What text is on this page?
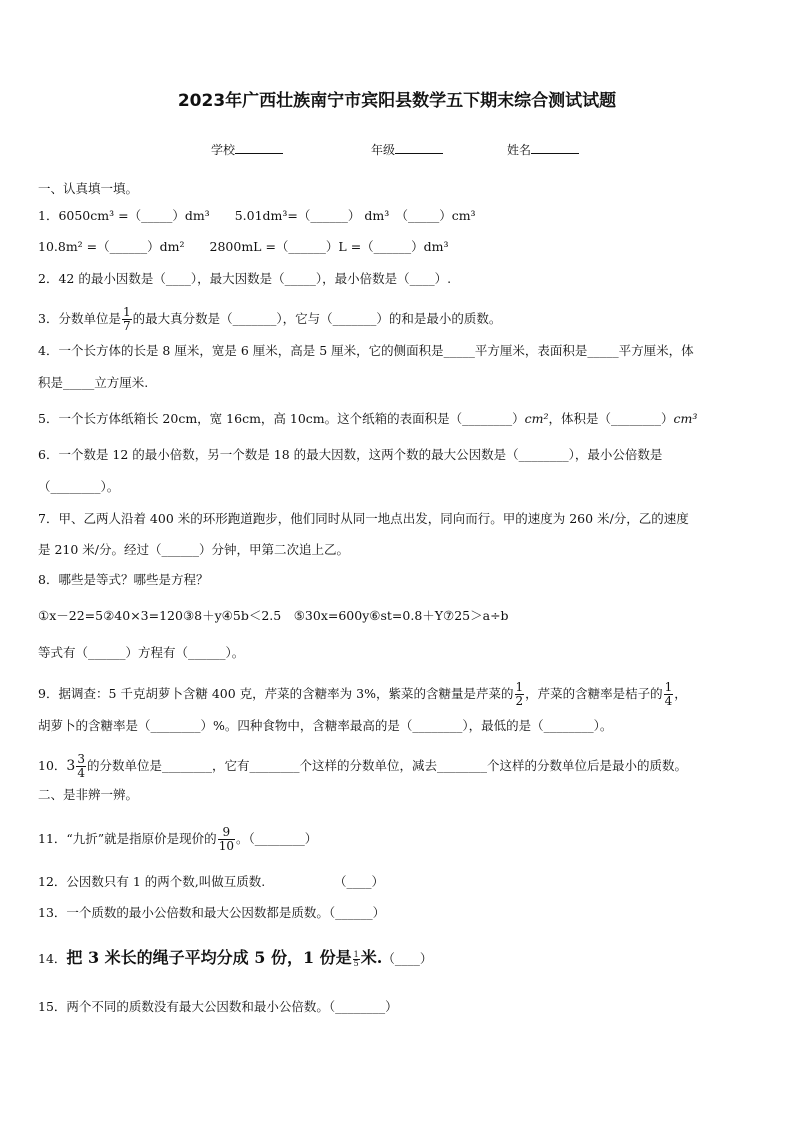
2023年广西壮族南宁市宾阳县数学五下期末综合测试试题
学校	年级	姓名
一、认真填一填。
1．6050cm³ =（_____）dm³　　5.01dm³=（______） dm³　（_____）cm³
10.8m² =（______）dm²　　2800mL =（______）L =（______）dm³
2．42 的最小因数是（____），最大因数是（_____），最小倍数是（____）.
3．分数单位是 $\frac{1}{7}$ 的最大真分数是（_______），它与（_______）的和是最小的质数。
4．一个长方体的长是 8 厘米，宽是 6 厘米，高是 5 厘米，它的侧面积是_____平方厘米，表面积是_____平方厘米，体
积是_____立方厘米.
5．一个长方体纸箱长 20cm，宽 16cm，高 10cm。这个纸箱的表面积是（________）cm²，体积是（________）cm³
6．一个数是 12 的最小倍数，另一个数是 18 的最大因数，这两个数的最大公因数是（________），最小公倍数是
（________）。
7．甲、乙两人沿着 400 米的环形跑道跑步，他们同时从同一地点出发，同向而行。甲的速度为 260 米/分，乙的速度
是 210 米/分。经过（______）分钟，甲第二次追上乙。
8．哪些是等式？哪些是方程？
①x－22=5②40×3=120③8＋y④5b＜2.5　⑤30x=600y⑥st=0.8＋Y⑦25＞a÷b
等式有（______）方程有（______）。
9．据调查：5 千克胡萝卜含糖 400 克，芹菜的含糖率为 3%，紫菜的含糖量是芹菜的 $\frac{1}{2}$ ，芹菜的含糖率是桔子的 $\frac{1}{4}$ ，
胡萝卜的含糖率是（________）%。四种食物中，含糖率最高的是（________），最低的是（________）。
10．$3 \frac{3}{4}$ 的分数单位是________，它有________个这样的分数单位，减去________个这样的分数单位后是最小的质数。
二、是非辨一辨。
11．“九折”就是指原价是现价的 $\frac{9}{10}$ 。（________）
12．公因数只有 1 的两个数,叫做互质数.　　　　　　（____）
13．一个质数的最小公倍数和最大公因数都是质数。（______）
14．把 3 米长的绳子平均分成 5 份，1 份是 $\frac{1}{5}$ 米.（____）
15．两个不同的质数没有最大公因数和最小公倍数。（________）
